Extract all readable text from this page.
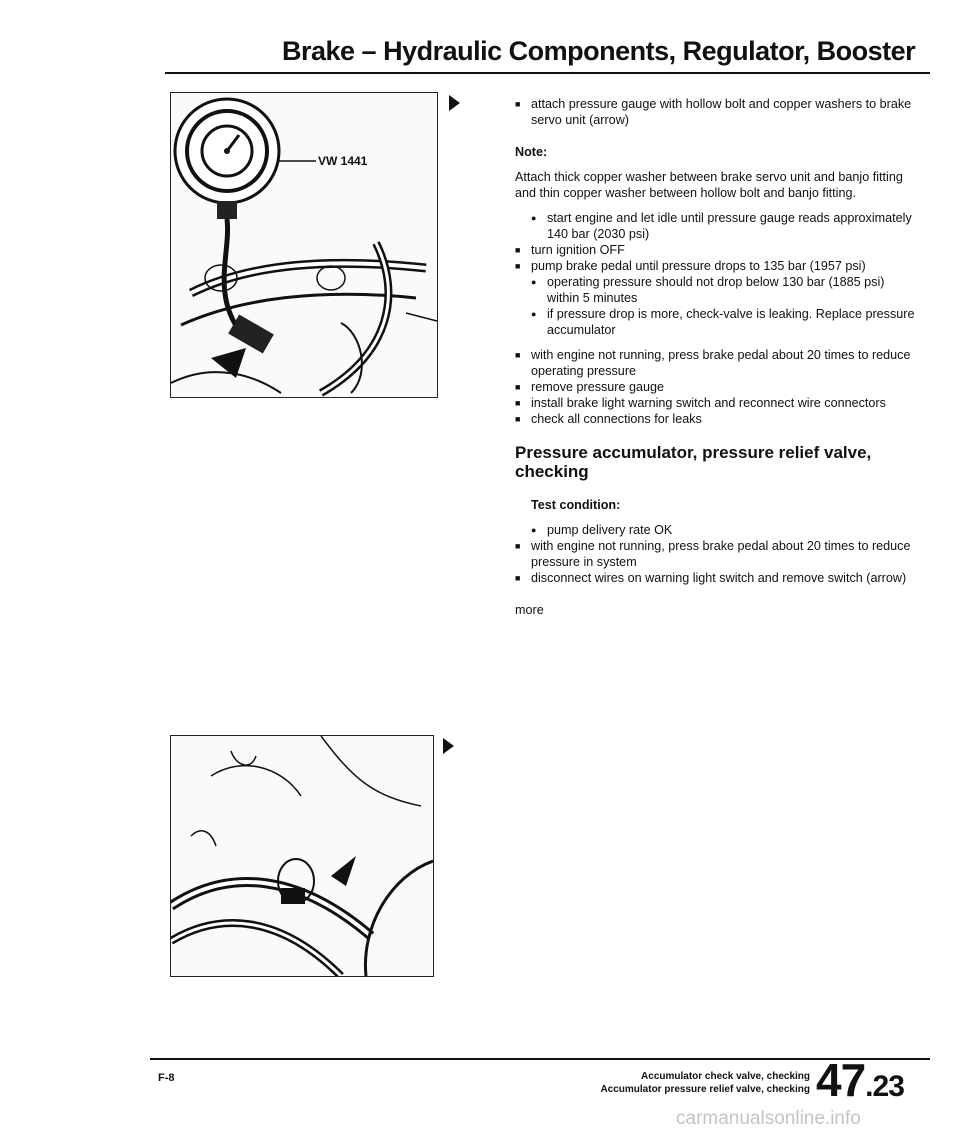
Brake – Hydraulic Components, Regulator, Booster
VW 1441

■ attach pressure gauge with hollow bolt and copper washers to brake servo unit (arrow)

Note:

Attach thick copper washer between brake servo unit and banjo fitting and thin copper washer between hollow bolt and banjo fitting.

● start engine and let idle until pressure gauge reads approximately 140 bar (2030 psi)

■ turn ignition OFF

■ pump brake pedal until pressure drops to 135 bar (1957 psi)

● operating pressure should not drop below 130 bar (1885 psi) within 5 minutes

● if pressure drop is more, check-valve is leaking. Replace pressure accumulator

■ with engine not running, press brake pedal about 20 times to reduce operating pressure

■ remove pressure gauge

■ install brake light warning switch and reconnect wire connectors

■ check all connections for leaks

Pressure accumulator, pressure relief valve, checking

Test condition:

● pump delivery rate OK

■ with engine not running, press brake pedal about 20 times to reduce pressure in system

■ disconnect wires on warning light switch and remove switch (arrow)

more

F-8	Accumulator check valve, checking
Accumulator pressure relief valve, checking 47.23
carmanualsonline.info
